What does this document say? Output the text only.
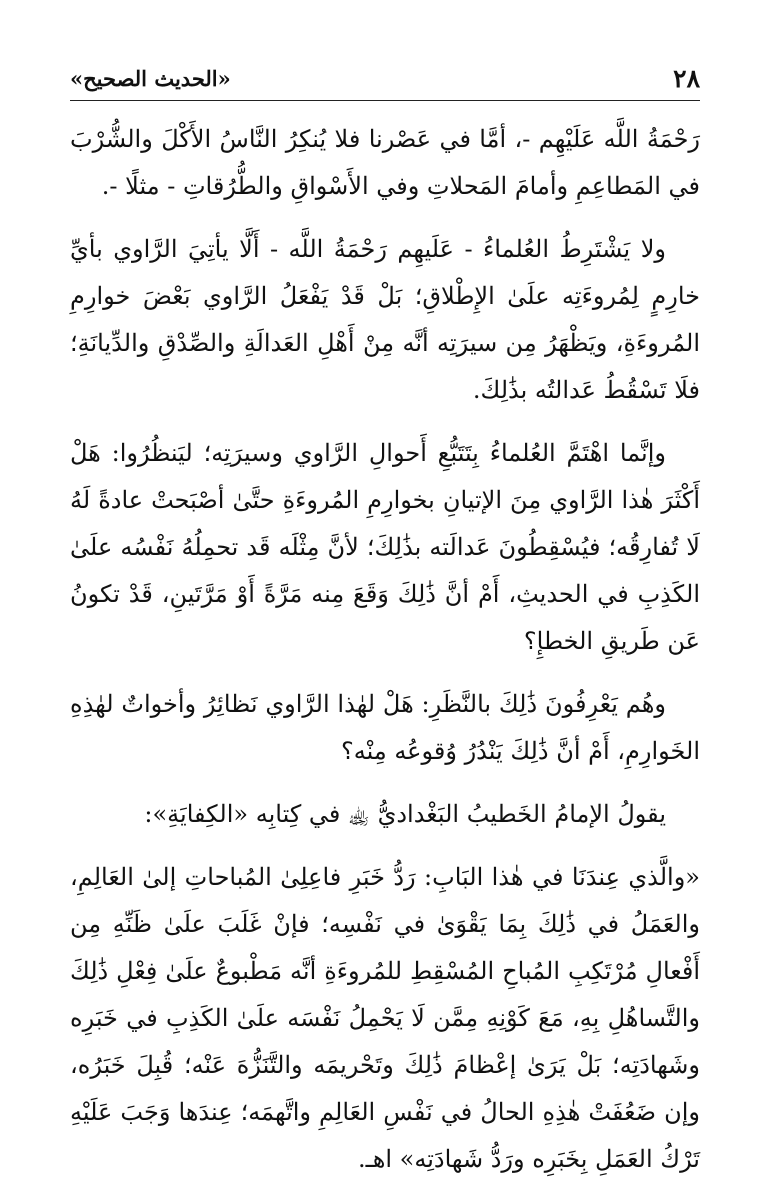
٢٨
«الحديث الصحيح»

رَحْمَةُ اللَّه عَلَيْهِم -، أمَّا في عَصْرنا فلا يُنكِرُ النَّاسُ الأَكْلَ والشُّرْبَ في المَطاعِمِ وأمامَ المَحلاتِ وفي الأَسْواقِ والطُّرُقاتِ - مثلًا -.

ولا يَشْتَرِطُ العُلماءُ - عَلَيهِم رَحْمَةُ اللَّه - أَلَّا يأتِيَ الرَّاوي بأيِّ خارِمٍ لِمُروءَتِه علَىٰ الإِطْلاقِ؛ بَلْ قَدْ يَفْعَلُ الرَّاوي بَعْضَ خوارِمِ المُروءَةِ، ويَظْهَرُ مِن سيرَتِه أنَّه مِنْ أَهْلِ العَدالَةِ والصِّدْقِ والدِّيانَةِ؛ فلَا تَسْقُطُ عَدالتُه بذَٰلِكَ.

وإنَّما اهْتَمَّ العُلماءُ بِتَتَبُّعِ أَحوالِ الرَّاوي وسيرَتِه؛ ليَنظُرُوا: هَلْ أَكْثَرَ هٰذا الرَّاوي مِنَ الإتيانِ بخوارِمِ المُروءَةِ حتَّىٰ أصْبَحتْ عادةً لَهُ لَا تُفارِقُه؛ فيُسْقِطُونَ عَدالَته بذَٰلِكَ؛ لأنَّ مِثْلَه قَد تحمِلُهُ نَفْسُه علَىٰ الكَذِبِ في الحديثِ، أَمْ أنَّ ذَٰلِكَ وَقَعَ مِنه مَرَّةً أَوْ مَرَّتَينِ، قَدْ تكونُ عَن طَريقِ الخطإِ؟

وهُم يَعْرِفُونَ ذَٰلِكَ بالنَّظَرِ: هَلْ لهٰذا الرَّاوي نَظائِرُ وأخواتٌ لهٰذِهِ الخَوارِمِ، أَمْ أنَّ ذَٰلِكَ يَنْدُرُ وُقوعُه مِنْه؟

يقولُ الإمامُ الخَطيبُ البَغْداديُّ ﵀ في كِتابِه «الكِفايَةِ»:

«والَّذي عِندَنَا في هٰذا البَابِ: رَدُّ خَبَرِ فاعِلِىٰ المُباحاتِ إلىٰ العَالِمِ، والعَمَلُ في ذَٰلِكَ بِمَا يَقْوَىٰ في نَفْسِه؛ فإنْ غَلَبَ علَىٰ ظَنِّهِ مِن أَفْعالِ مُرْتَكِبِ المُباحِ المُسْقِطِ للمُروءَةِ أنَّه مَطْبوعٌ علَىٰ فِعْلِ ذَٰلِكَ والتَّساهُلِ بِهِ، مَعَ كَوْنِهِ مِمَّن لَا يَحْمِلُ نَفْسَه علَىٰ الكَذِبِ في خَبَرِه وشَهادَتِه؛ بَلْ يَرَىٰ إعْظامَ ذَٰلِكَ وتَحْريمَه والتَّنَزُّهَ عَنْه؛ قُبِلَ خَبَرُه، وإن ضَعُفَتْ هٰذِهِ الحالُ في نَفْسِ العَالِمِ واتَّهمَه؛ عِندَها وَجَبَ عَلَيْهِ تَرْكُ العَمَلِ بِخَبَرِه ورَدُّ شَهادَتِه» اهـ.
